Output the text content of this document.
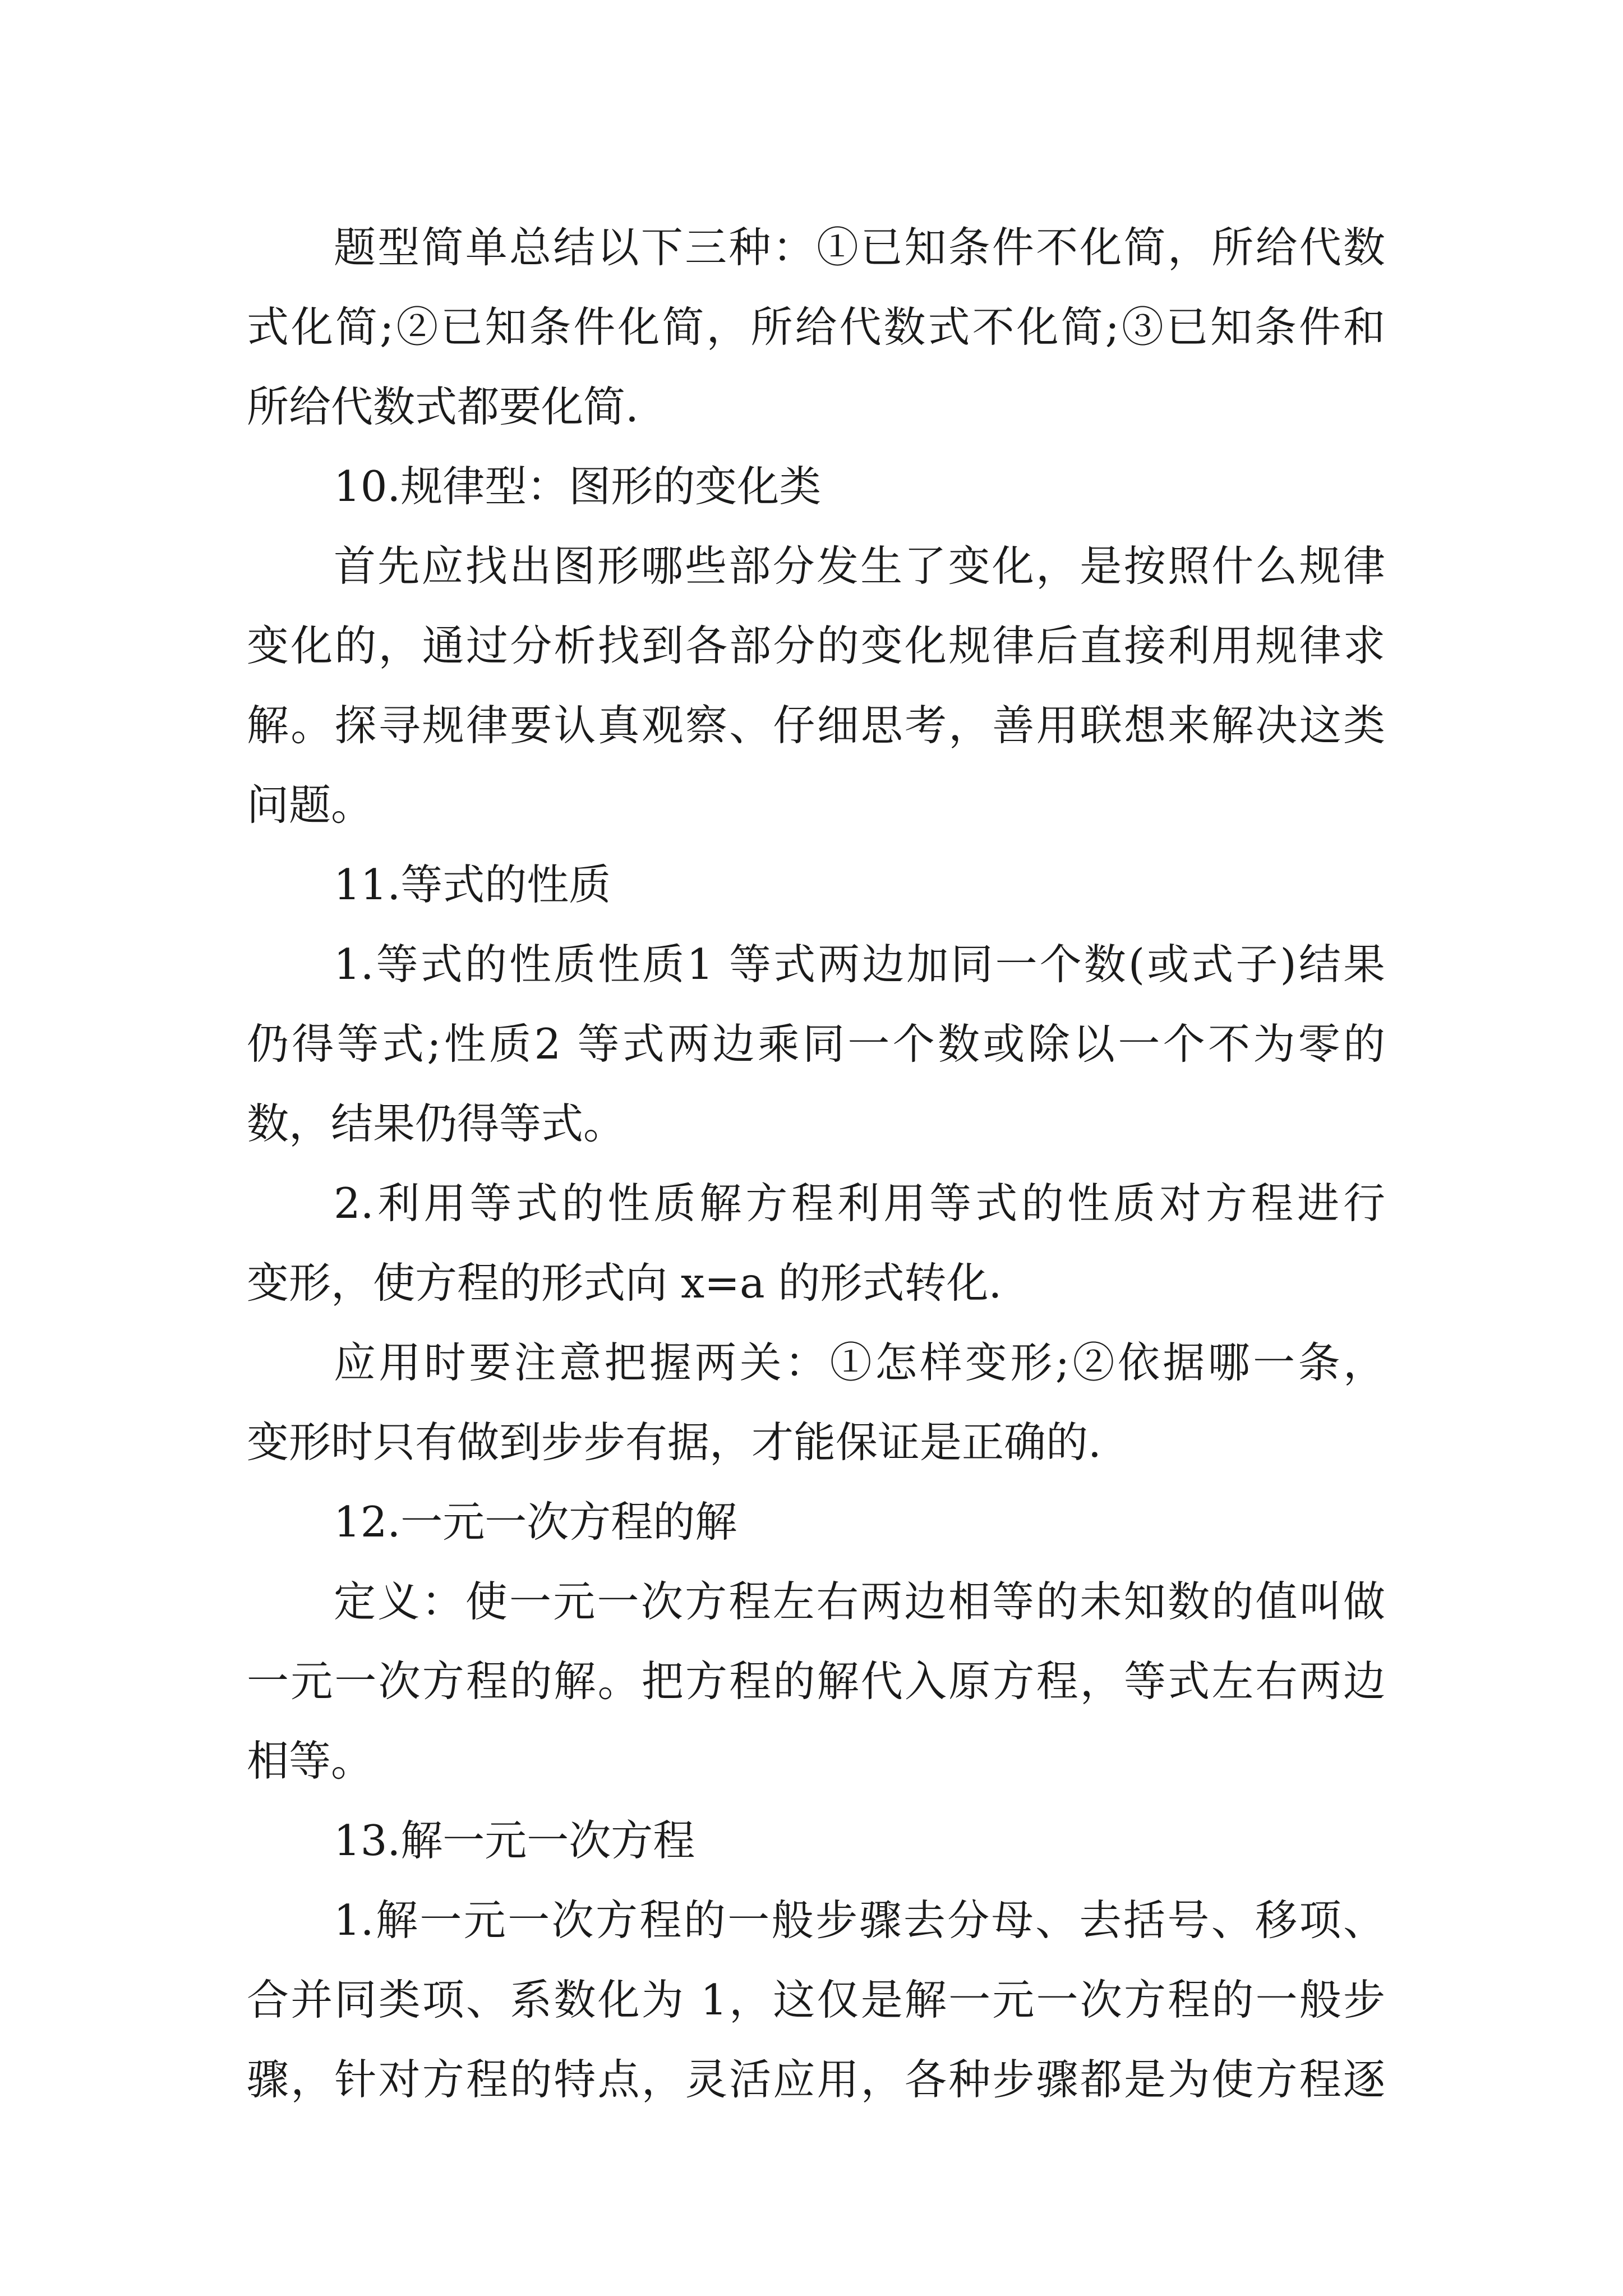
题型简单总结以下三种：①已知条件不化简，所给代数
式化简;②已知条件化简，所给代数式不化简;③已知条件和
所给代数式都要化简.
10.规律型：图形的变化类
首先应找出图形哪些部分发生了变化，是按照什么规律
变化的，通过分析找到各部分的变化规律后直接利用规律求
解。探寻规律要认真观察、仔细思考，善用联想来解决这类
问题。
11.等式的性质
1.等式的性质性质1 等式两边加同一个数(或式子)结果
仍得等式;性质2 等式两边乘同一个数或除以一个不为零的
数，结果仍得等式。
2.利用等式的性质解方程利用等式的性质对方程进行
变形，使方程的形式向 x=a 的形式转化.
应用时要注意把握两关：①怎样变形;②依据哪一条，
变形时只有做到步步有据，才能保证是正确的.
12.一元一次方程的解
定义：使一元一次方程左右两边相等的未知数的值叫做
一元一次方程的解。把方程的解代入原方程，等式左右两边
相等。
13.解一元一次方程
1.解一元一次方程的一般步骤去分母、去括号、移项、
合并同类项、系数化为 1，这仅是解一元一次方程的一般步
骤，针对方程的特点，灵活应用，各种步骤都是为使方程逐
